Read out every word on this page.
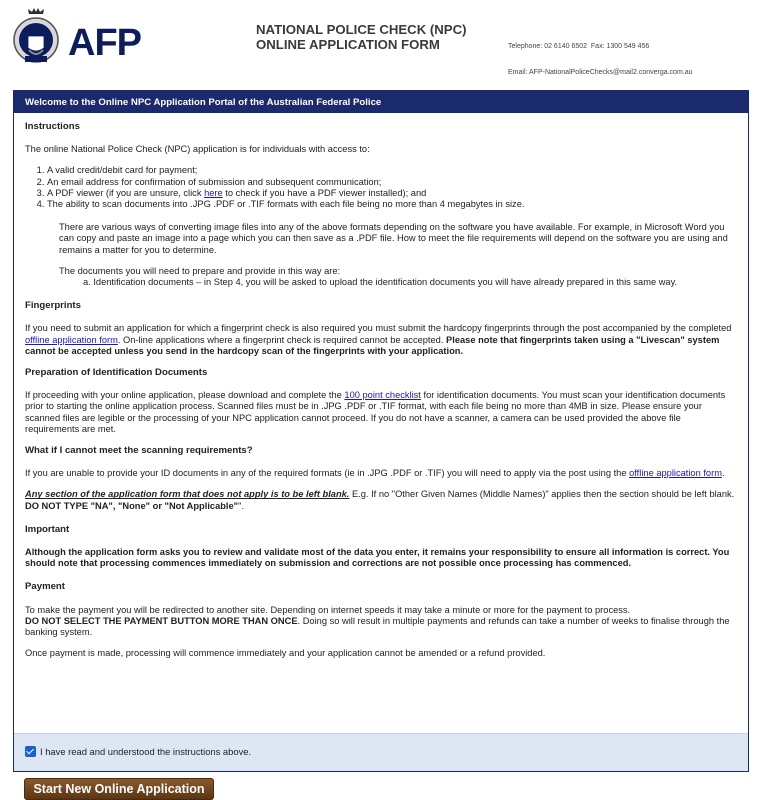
AFP	NATIONAL POLICE CHECK (NPC)
ONLINE APPLICATION FORM

	Telephone: 02 6140 6502  Fax: 1300 549 456

Email: AFP-NationalPoliceChecks@mail2.converga.com.au

Welcome to the Online NPC Application Portal of the Australian Federal Police
Instructions

The online National Police Check (NPC) application is for individuals with access to:

1. A valid credit/debit card for payment;
2. An email address for confirmation of submission and subsequent communication;
3. A PDF viewer (if you are unsure, click here to check if you have a PDF viewer installed); and
4. The ability to scan documents into .JPG .PDF or .TIF formats with each file being no more than 4 megabytes in size.

There are various ways of converting image files into any of the above formats depending on the software you have available. For example, in Microsoft Word you can copy and paste an image into a page which you can then save as a .PDF file. How to meet the file requirements will depend on the software you are using and remains a matter for you to determine.

The documents you will need to prepare and provide in this way are:

a. Identification documents – in Step 4, you will be asked to upload the identification documents you will have already prepared in this same way.

Fingerprints

If you need to submit an application for which a fingerprint check is also required you must submit the hardcopy fingerprints through the post accompanied by the completed offline application form. On-line applications where a fingerprint check is required cannot be accepted. Please note that fingerprints taken using a "Livescan" system cannot be accepted unless you send in the hardcopy scan of the fingerprints with your application.

Preparation of Identification Documents

If proceeding with your online application, please download and complete the 100 point checklist for identification documents. You must scan your identification documents prior to starting the online application process. Scanned files must be in .JPG .PDF or .TIF format, with each file being no more than 4MB in size. Please ensure your scanned files are legible or the processing of your NPC application cannot proceed. If you do not have a scanner, a camera can be used provided the above file requirements are met.

What if I cannot meet the scanning requirements?

If you are unable to provide your ID documents in any of the required formats (ie in .JPG .PDF or .TIF) you will need to apply via the post using the offline application form.

Any section of the application form that does not apply is to be left blank. E.g. If no "Other Given Names (Middle Names)" applies then the section should be left blank. DO NOT TYPE "NA", "None" or "Not Applicable"".

Important

Although the application form asks you to review and validate most of the data you enter, it remains your responsibility to ensure all information is correct. You should note that processing commences immediately on submission and corrections are not possible once processing has commenced.

Payment

To make the payment you will be redirected to another site. Depending on internet speeds it may take a minute or more for the payment to process.
DO NOT SELECT THE PAYMENT BUTTON MORE THAN ONCE. Doing so will result in multiple payments and refunds can take a number of weeks to finalise through the banking system.

Once payment is made, processing will commence immediately and your application cannot be amended or a refund provided.

I have read and understood the instructions above.
Start New Online Application
